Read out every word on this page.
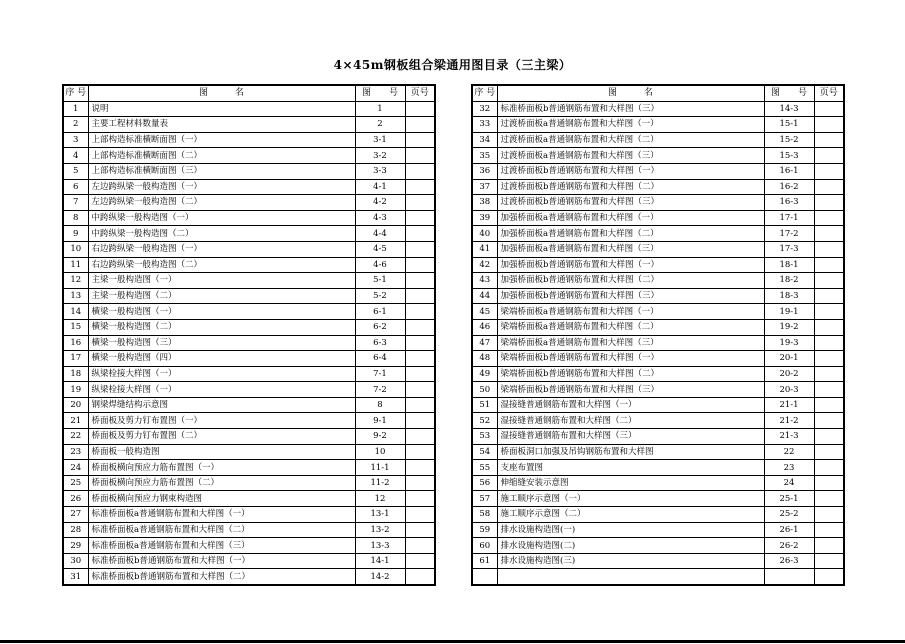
4×45m钢板组合梁通用图目录（三主梁）
序 号	图　　　名	图　　号	页号
1	说明	1	
2	主要工程材料数量表	2	
3	上部构造标准横断面图（一）	3-1	
4	上部构造标准横断面图（二）	3-2	
5	上部构造标准横断面图（三）	3-3	
6	左边跨纵梁一般构造图（一）	4-1	
7	左边跨纵梁一般构造图（二）	4-2	
8	中跨纵梁一般构造图（一）	4-3	
9	中跨纵梁一般构造图（二）	4-4	
10	右边跨纵梁一般构造图（一）	4-5	
11	右边跨纵梁一般构造图（二）	4-6	
12	主梁一般构造图（一）	5-1	
13	主梁一般构造图（二）	5-2	
14	横梁一般构造图（一）	6-1	
15	横梁一般构造图（二）	6-2	
16	横梁一般构造图（三）	6-3	
17	横梁一般构造图（四）	6-4	
18	纵梁栓接大样图（一）	7-1	
19	纵梁栓接大样图（一）	7-2	
20	钢梁焊缝结构示意图	8	
21	桥面板及剪力钉布置图（一）	9-1	
22	桥面板及剪力钉布置图（二）	9-2	
23	桥面板一般构造图	10	
24	桥面板横向预应力筋布置图（一）	11-1	
25	桥面板横向预应力筋布置图（二）	11-2	
26	桥面板横向预应力钢束构造图	12	
27	标准桥面板a普通钢筋布置和大样图（一）	13-1	
28	标准桥面板a普通钢筋布置和大样图（二）	13-2	
29	标准桥面板a普通钢筋布置和大样图（三）	13-3	
30	标准桥面板b普通钢筋布置和大样图（一）	14-1	
31	标准桥面板b普通钢筋布置和大样图（二）	14-2	
序 号	图　　　名	图　　号	页号
32	标准桥面板b普通钢筋布置和大样图（三）	14-3	
33	过渡桥面板a普通钢筋布置和大样图（一）	15-1	
34	过渡桥面板a普通钢筋布置和大样图（二）	15-2	
35	过渡桥面板a普通钢筋布置和大样图（三）	15-3	
36	过渡桥面板b普通钢筋布置和大样图（一）	16-1	
37	过渡桥面板b普通钢筋布置和大样图（二）	16-2	
38	过渡桥面板b普通钢筋布置和大样图（三）	16-3	
39	加强桥面板a普通钢筋布置和大样图（一）	17-1	
40	加强桥面板a普通钢筋布置和大样图（二）	17-2	
41	加强桥面板a普通钢筋布置和大样图（三）	17-3	
42	加强桥面板b普通钢筋布置和大样图（一）	18-1	
43	加强桥面板b普通钢筋布置和大样图（二）	18-2	
44	加强桥面板b普通钢筋布置和大样图（三）	18-3	
45	梁端桥面板a普通钢筋布置和大样图（一）	19-1	
46	梁端桥面板a普通钢筋布置和大样图（二）	19-2	
47	梁端桥面板a普通钢筋布置和大样图（三）	19-3	
48	梁端桥面板b普通钢筋布置和大样图（一）	20-1	
49	梁端桥面板b普通钢筋布置和大样图（二）	20-2	
50	梁端桥面板b普通钢筋布置和大样图（三）	20-3	
51	湿接缝普通钢筋布置和大样图（一）	21-1	
52	湿接缝普通钢筋布置和大样图（二）	21-2	
53	湿接缝普通钢筋布置和大样图（三）	21-3	
54	桥面板洞口加强及吊钩钢筋布置和大样图	22	
55	支座布置图	23	
56	伸缩缝安装示意图	24	
57	施工顺序示意图（一）	25-1	
58	施工顺序示意图（二）	25-2	
59	排水设施构造图(一)	26-1	
60	排水设施构造图(二)	26-2	
61	排水设施构造图(三)	26-3	
